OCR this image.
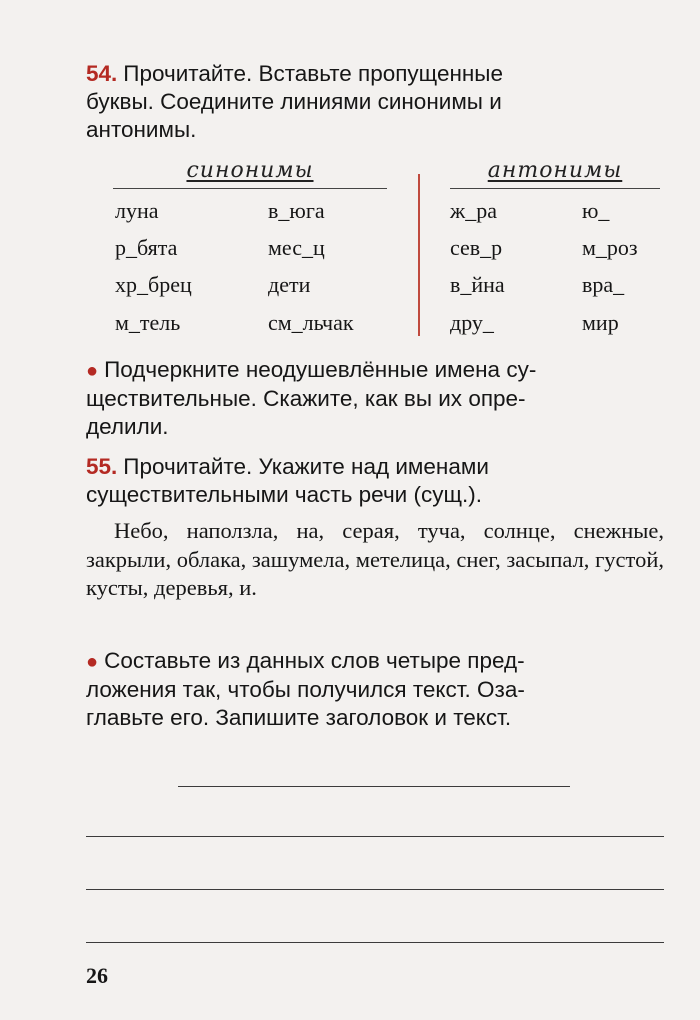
54. Прочитайте. Вставьте пропущенные
буквы. Соедините линиями синонимы и
антонимы.
синонимы	антонимы
луна
р_бята
хр_брец
м_тель
в_юга
мес_ц
дети
см_льчак
ж_ра
сев_р
в_йна
дру_
ю_
м_роз
вра_
мир
● Подчеркните неодушевлённые имена су-
ществительные. Скажите, как вы их опре-
делили.
55. Прочитайте. Укажите над именами
существительными часть речи (сущ.).
Небо, наползла, на, серая, туча, солнце, снежные, закрыли, облака, зашумела, метелица, снег, засыпал, густой, кусты, деревья, и.
● Составьте из данных слов четыре пред-
ложения так, чтобы получился текст. Оза-
главьте его. Запишите заголовок и текст.
26
